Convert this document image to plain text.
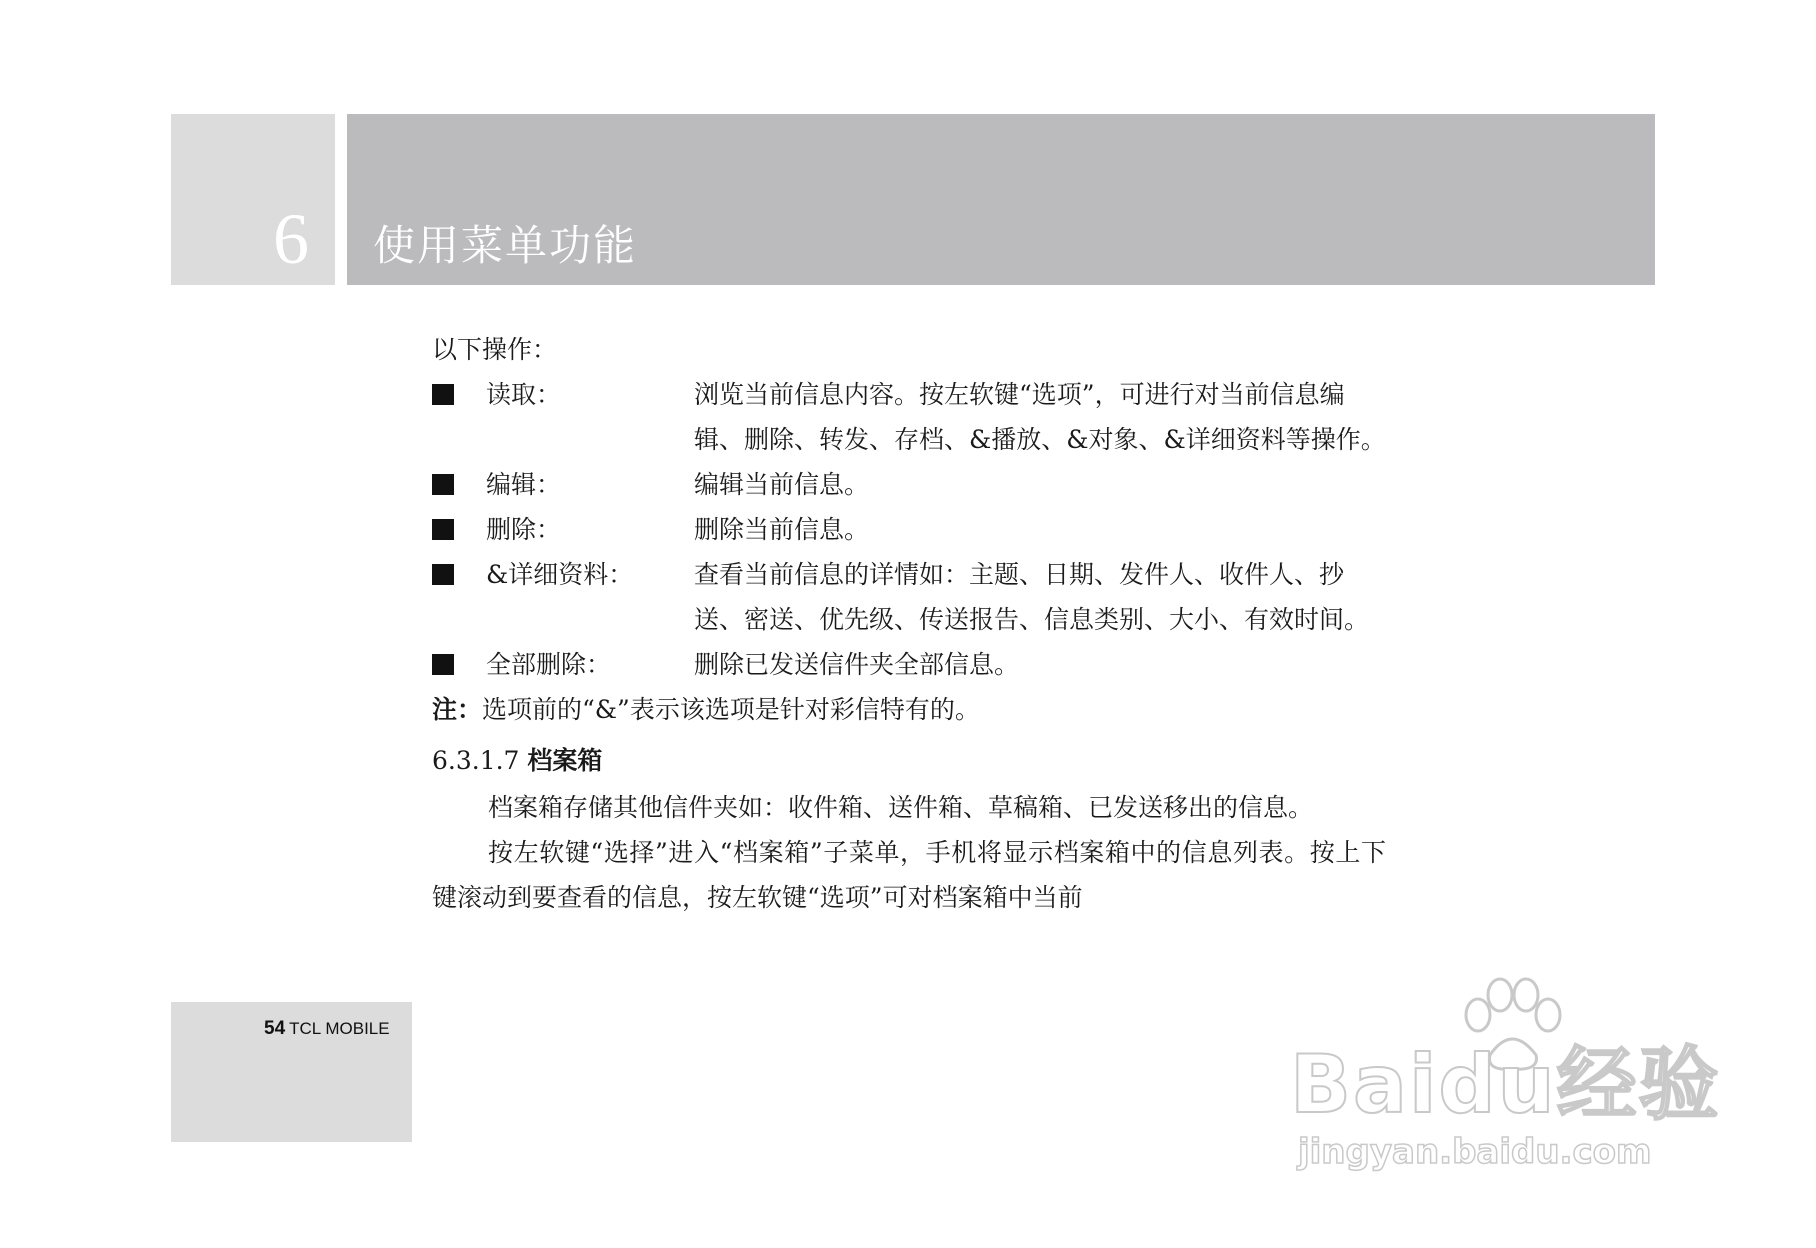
6 使用菜单功能
以下操作：
读取：	浏览当前信息内容。按左软键“选项”，可进行对当前信息编辑、删除、转发、存档、&播放、&对象、&详细资料等操作。
编辑：	编辑当前信息。
删除：	删除当前信息。
&详细资料：	查看当前信息的详情如：主题、日期、发件人、收件人、抄送、密送、优先级、传送报告、信息类别、大小、有效时间。
全部删除：	删除已发送信件夹全部信息。
注：选项前的“&”表示该选项是针对彩信特有的。
6.3.1.7 档案箱
档案箱存储其他信件夹如：收件箱、送件箱、草稿箱、已发送移出的信息。
按左软键“选择”进入“档案箱”子菜单，手机将显示档案箱中的信息列表。按上下键滚动到要查看的信息，按左软键“选项”可对档案箱中当前
54 TCL MOBILE
Baidu经验
jingyan.baidu.com
